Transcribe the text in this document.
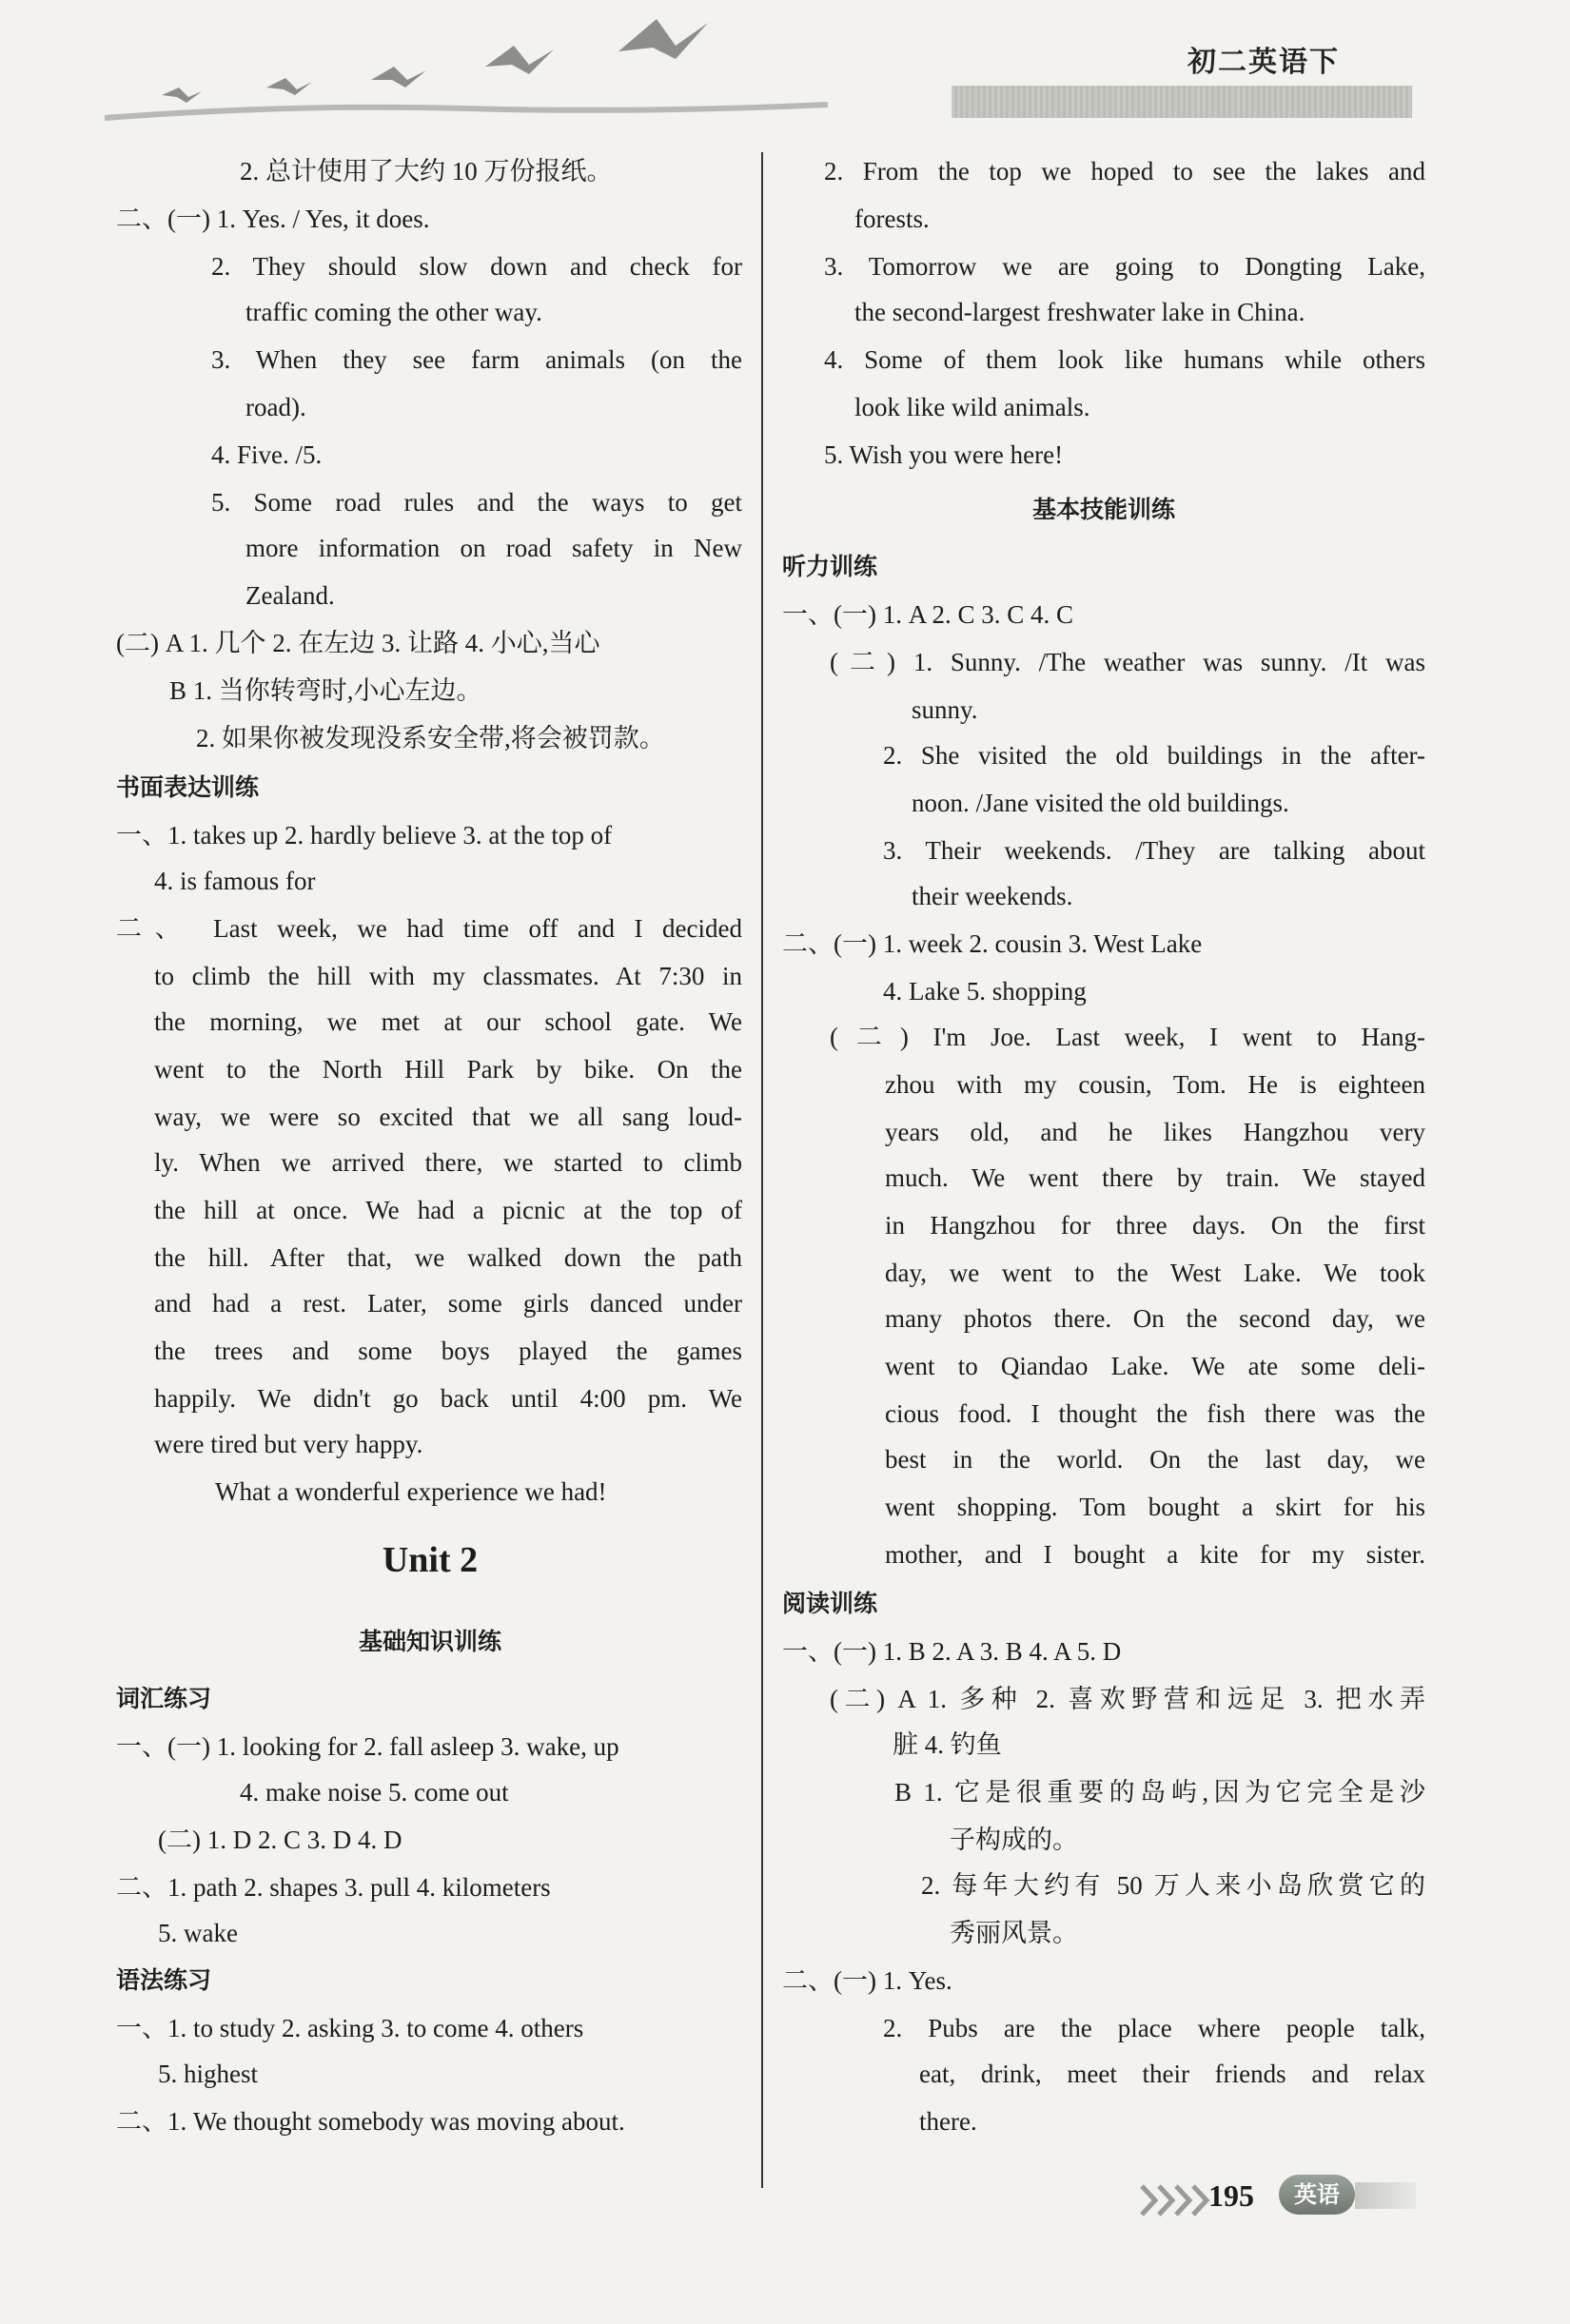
初二英语下
2. 总计使用了大约 10 万份报纸。
二、(一) 1. Yes. / Yes, it does.
2. They should slow down and check for
traffic coming the other way.
3. When they see farm animals (on the
road).
4. Five. /5.
5. Some road rules and the ways to get
more information on road safety in New
Zealand.
(二) A 1. 几个 2. 在左边 3. 让路 4. 小心,当心
B 1. 当你转弯时,小心左边。
2. 如果你被发现没系安全带,将会被罚款。
书面表达训练
一、1. takes up 2. hardly believe 3. at the top of
4. is famous for
二、 Last week, we had time off and I decided
to climb the hill with my classmates. At 7:30 in
the morning, we met at our school gate. We
went to the North Hill Park by bike. On the
way, we were so excited that we all sang loud-
ly. When we arrived there, we started to climb
the hill at once. We had a picnic at the top of
the hill. After that, we walked down the path
and had a rest. Later, some girls danced under
the trees and some boys played the games
happily. We didn't go back until 4:00 pm. We
were tired but very happy.
What a wonderful experience we had!
Unit 2
基础知识训练
词汇练习
一、(一) 1. looking for 2. fall asleep 3. wake, up
4. make noise 5. come out
(二) 1. D 2. C 3. D 4. D
二、1. path 2. shapes 3. pull 4. kilometers
5. wake
语法练习
一、1. to study 2. asking 3. to come 4. others
5. highest
二、1. We thought somebody was moving about.
2. From the top we hoped to see the lakes and
forests.
3. Tomorrow we are going to Dongting Lake,
the second-largest freshwater lake in China.
4. Some of them look like humans while others
look like wild animals.
5. Wish you were here!
基本技能训练
听力训练
一、(一) 1. A 2. C 3. C 4. C
(二) 1. Sunny. /The weather was sunny. /It was
sunny.
2. She visited the old buildings in the after-
noon. /Jane visited the old buildings.
3. Their weekends. /They are talking about
their weekends.
二、(一) 1. week 2. cousin 3. West Lake
4. Lake 5. shopping
(二) I'm Joe. Last week, I went to Hang-
zhou with my cousin, Tom. He is eighteen
years old, and he likes Hangzhou very
much. We went there by train. We stayed
in Hangzhou for three days. On the first
day, we went to the West Lake. We took
many photos there. On the second day, we
went to Qiandao Lake. We ate some deli-
cious food. I thought the fish there was the
best in the world. On the last day, we
went shopping. Tom bought a skirt for his
mother, and I bought a kite for my sister.
阅读训练
一、(一) 1. B 2. A 3. B 4. A 5. D
(二) A 1. 多种 2. 喜欢野营和远足 3. 把水弄
脏 4. 钓鱼
B 1. 它是很重要的岛屿,因为它完全是沙
子构成的。
2. 每年大约有 50 万人来小岛欣赏它的
秀丽风景。
二、(一) 1. Yes.
2. Pubs are the place where people talk,
eat, drink, meet their friends and relax
there.
195	英语
